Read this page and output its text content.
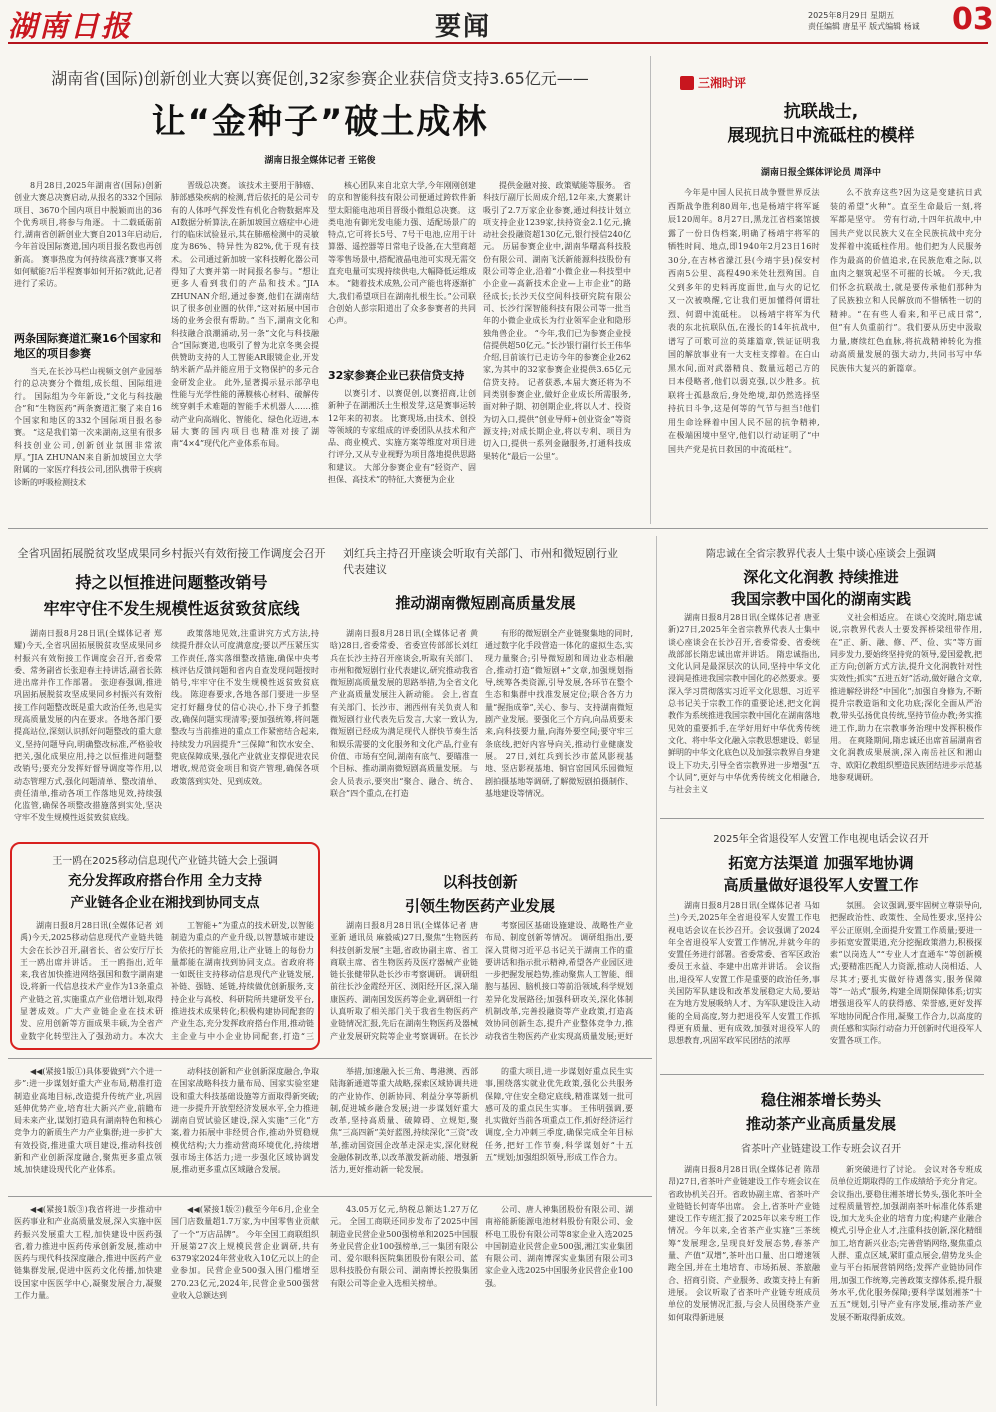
湖南日报	要闻	2025年8月29日 星期五
责任编辑 唐星平 版式编辑 杨诚	03
湖南省(国际)创新创业大赛以赛促创,32家参赛企业获信贷支持3.65亿元——
让“金种子”破土成林
湖南日报全媒体记者 王铭俊

8月28日,2025年湖南省(国际)创新创业大赛总决赛启动,从报名的332个国际项目、3670个国内项目中脱颖而出的36个优秀项目,将参与角逐。 十二载砥砺前行,湖南省创新创业大赛自2013年启动后,今年首设国际赛道,国内项目报名数也再创新高。 赛事热度为何持续高涨?赛事又将如何赋能?后半程赛事如何开拓?就此,记者进行了采访。

两条国际赛道汇聚16个国家和地区的项目参赛

当天,在长沙马栏山视频文创产业园举行的总决赛分个微组,成长组、国际组进行。 国际组为今年新设,“文化与科技融合”和“生物医药”两条赛道汇聚了来自16个国家和地区的332个国际项目报名参赛。 “这是我们第一次来湖南,这里有很多科技创业公司,创新创业氛围非常浓厚。”JIA ZHUNAN来自新加坡国立大学附属的一家医疗科技公司,团队携带于疾病诊断的呼吸检测技术

晋级总决赛。 该技术主要用于肺癌、肺部感染疾病的检测,背后依托的是公司专有的人体呼气挥发性有机化合物数据库及AI数据分析算法,在新加坡国立癌症中心进行的临床试验显示,其在肺癌检测中的灵敏度为86%、特异性为82%,优于现有技术。 公司通过新加坡一家科技孵化器公司得知了大赛并第一时间报名参与。“想让更多人看到我们的产品和技术。”JIA ZHUNAN介绍,通过参赛,他们在湖南结识了很多创业圈的伙伴,“这对拓展中国市场的业务会很有帮助。” 当下,湖南文化和科技融合浪潮涌动,另一条“文化与科技融合”国际赛道,也吸引了曾为北京冬奥会提供赞助支持的人工智能AR眼镜企业,开发纳米新产品并能应用于文物保护的多元合金研发企业。 此外,显著揭示显示部孕电性能与光学性能的薄膜核心材料、破解传统穿刺手术难题的智能手术机器人……推动产业向高端化、智能化、绿色化迈进,本届大赛的国内项目也精准对接了湖南“4×4”现代化产业体系布局。

核心团队来自北京大学,今年刚刚创建的京和智能科技有限公司便通过跨软件新型太阳能电池项目晋级小微组总决赛。 这类电池有御光发电能力强、适配场景广的特点,它可将长5号、7号干电池,应用于计算器、遥控器等日常电子设备,在大型商超等零售场景中,搭配液晶电池可实现无需交直充电量可实现持续供电,大幅降低运维成本。 “随着技术成熟,公司产能也将逐渐扩大,我们希望项目在湖南扎根生长。”公司联合创始人彭宗阳道出了众多参赛者的共同心声。

32家参赛企业已获信贷支持

以赛引才、以赛促创,以赛招商,让创新种子在湖湘沃土生根发芽,这是赛事运转12年来的初衷。 比赛现场,由技术、创投等领域的专家组成的评委团队从技术和产品、商业模式、实施方案等维度对项目进行评分,又从专业视野为项目落地提供思路和建议。 大部分参赛企业有“轻资产、固担保、高技术”的特征,大赛便为企业

提供金融对接、政策赋能等服务。 省科技厅副厅长周成介绍,12年来,大赛累计吸引了2.7万家企业参赛,通过科技计划立项支持企业1239家,扶持资金2.1亿元,撬动社会投融资超130亿元,银行授信240亿元。 历届参赛企业中,湖南华曙高科技股份有限公司、湖南飞沃新能源科技股份有限公司等企业,沿着“小微企业—科技型中小企业—高新技术企业—上市企业”的路径成长;长沙天仪空间科技研究院有限公司、长沙行深智能科技有限公司等一批当年的小微企业成长为行业领军企业和隐形独角兽企业。 “今年,我们已为参赛企业授信提供超50亿元。”长沙银行副行长王伟华介绍,目前该行已走访今年的参赛企业262家,为其中的32家参赛企业提供3.65亿元信贷支持。 记者获悉,本届大赛还将为不同类别参赛企业,做好企业成长所需服务,面对种子期、初创期企业,将以人才、投资为切入口,提供“创业导师+创业资金”等资源支持;对成长期企业,将以专利、项目为切入口,提供一系列金融服务,打通科技成果转化“最后一公里”。

三湘时评
抗联战士,
展现抗日中流砥柱的模样
湖南日报全媒体评论员 周泽中

今年是中国人民抗日战争暨世界反法西斯战争胜利80周年,也是杨靖宇将军诞辰120周年。8月27日,黑龙江省档案馆披露了一份日伪档案,明确了杨靖宇将军的牺牲时间、地点,即1940年2月23日16时30分,在吉林省濛江县(今靖宇县)保安村西南5公里、高程490米处壮烈殉国。自父到多年的史料再度面世,血与火的记忆又一次被唤醒,它让我们更加懂得何谓壮烈、何谓中流砥柱。 以杨靖宇将军为代表的东北抗联队伍,在漫长的14年抗战中,谱写了可歌可泣的英雄篇章,铁证证明我国的解放事业有一大支柱支撑着。在白山黑水间,面对武器精良、数量远超己方的日本侵略者,他们以弱克强,以少胜多。抗联将士孤悬敌后,身处绝境,却仍然选择坚持抗日斗争,这是何等的气节与担当!他们用生命诠释着中国人民不屈的抗争精神,在极端困境中坚守,他们以行动证明了“中国共产党是抗日救国的中流砥柱”。

么不放弃这些?因为这是变建抗日武装的希望“火种”。直至生命最后一刻,将军都是坚守。 劳有行动,十四年抗战中,中国共产党以民族大义在全民族抗战中充分发挥着中流砥柱作用。他们把为人民服务作为最高的价值追求,在民族危难之际,以血肉之躯筑起坚不可摧的长城。 今天,我们怀念抗联战士,就是要传承他们那种为了民族独立和人民解放而不惜牺牲一切的精神。“在有些人看来,和平已成日常”,但“有人负重前行”。我们要从历史中汲取力量,赓续红色血脉,将抗战精神转化为推动高质量发展的强大动力,共同书写中华民族伟大复兴的新篇章。

全省巩固拓展脱贫攻坚成果同乡村振兴有效衔接工作调度会召开
持之以恒推进问题整改销号
牢牢守住不发生规模性返贫致贫底线

湖南日报8月28日讯(全媒体记者 郑耀)今天,全省巩固拓展脱贫攻坚成果同乡村振兴有效衔接工作调度会召开,省委常委、常务副省长张迎春主持讲话,副省长陈进出席并作工作部署。 张迎春强调,推进巩固拓展脱贫攻坚成果同乡村振兴有效衔接工作问题整改既是重大政治任务,也是实现高质量发展的内在要求。各地各部门要提高站位,深刻认识抓好问题整改的重大意义,坚持问题导向,明确整改标准,严格验收把关,强化成果应用,持之以恒推进问题整改销号;要充分发挥好督导调度等作用,以动态管理方式,强化问题清单、整改清单、责任清单,推动各项工作落地见效,持续强化监管,确保各项整改措施落到实处,坚决守牢不发生规模性返贫致贫底线。

政策落地见效,注重讲究方式方法,持续提升群众认可度满意度;要以严压紧压实工作责任,落实落细整改措施,确保中央考核评估反馈问题和省内自查发现问题按时销号,牢牢守住不发生规模性返贫致贫底线。 陈迎春要求,各地各部门要进一步坚定打好翻身仗的信心决心,扑下身子抓整改,确保问题实现清零;要加强统筹,将问题整改与当前推进的重点工作紧密结合起来,持续发力巩固提升“三保障”和饮水安全、兜底保障成果,强化产业就业支撑促进农民增收,规范资金项目和资产管理,确保各项政策落到实处、见到成效。

刘红兵主持召开座谈会听取有关部门、市州和微短剧行业代表建议
推动湖南微短剧高质量发展

湖南日报8月28日讯(全媒体记者 黄晗)28日,省委常委、省委宣传部部长刘红兵在长沙主持召开座谈会,听取有关部门、市州和微短剧行业代表建议,研究推动我省微短剧高质量发展的思路举措,为全省文化产业高质量发展注入新动能。 会上,省直有关部门、长沙市、湘西州有关负责人和微短剧行业代表先后发言,大家一致认为,微短剧已经成为满足现代人群快节奏生活和娱乐需要的文化服务和文化产品,行业有价值、市场有空间,湖南有底气、要瞄准一个目标、推动湖南微短剧高质量发展。 与会人员表示,要突出“聚合、融合、统合、联合”四个重点,在打造

有形的微短剧全产业链聚集地的同时,通过数字化手段营造一体化的虚拟生态,实现力量聚合;引导微短剧和周边业态相融合,推动打造“微短剧+”文章,加强规划指导,统筹各类资源,引导发展,各环节在整个生态和集群中找准发展定位;联合各方力量“握指成拳”,关心、参与、支持湖南微短剧产业发展。要强化三个方向,向品质要未来,向科技要力量,向海外要空间;要守牢三条底线,把好内容导向关,推动行业健康发展。 27日,刘红兵到长沙市蓝风影视基地、竖店影视基地、铜官窑国风乐园微短剧拍摄基地等调研,了解微短剧拍摄制作、基地建设等情况。

隋忠诚在全省宗教界代表人士集中谈心座谈会上强调
深化文化润教 持续推进
我国宗教中国化的湖南实践

湖南日报8月28日讯(全媒体记者 唐亚新)27日,2025年全省宗教界代表人士集中谈心座谈会在长沙召开,省委常委、省委统战部部长隋忠诚出席并讲话。 隋忠诚指出,文化认同是最深层次的认同,坚持中华文化浸润是推进我国宗教中国化的必然要求。要深入学习贯彻落实习近平文化思想、习近平总书记关于宗教工作的重要论述,把文化润教作为系统推进我国宗教中国化在湖南落地见效的重要抓手,在学好用好中华优秀传统文化、将中华文化融入宗教思想建设、彰显鲜明的中华文化底色以及加强宗教界自身建设上下功夫,引导全省宗教界进一步增强“五个认同”,更好与中华优秀传统文化相融合,与社会主义

义社会相适应。 在谈心交流时,隋忠诚说,宗教界代表人士要发挥桥梁纽带作用,在“正、新、融、修、严、俭、实”等方面同步发力,要始终坚持党的领导,爱国爱教,把正方向;创新方式方法,提升文化润教针对性实效性;抓实“五进五好”活动,做好融合文章,推进解经讲经“中国化”;加强自身修为,不断提升宗教造诣和文化功底;深化全面从严治教,带头弘扬优良传统,坚持节俭办教;务实推进工作,助力在宗教事务治理中发挥积极作用。 在爽隆期间,隋忠诚还出席首届湖南省文化润教成果展演,深入南岳社区和湘山寺、欧阳亿教组织塑造民族团结进步示范基地参观调研。

2025年全省退役军人安置工作电视电话会议召开
拓宽方法渠道 加强军地协调
高质量做好退役军人安置工作

湖南日报8月28日讯(全媒体记者 马如兰)今天,2025年全省退役军人安置工作电视电话会议在长沙召开。会议强调了2024年全省退役军人安置工作情况,并就今年的安置任务进行部署。省委常委、省军区政治委员王永益、李建中出席并讲话。 会议指出,退役军人安置工作是重要的政治任务,事关国防军队建设和改革发展稳定大局,要站在为地方发展吸纳人才、为军队建设注入动能的全局高度,努力把退役军人安置工作抓得更有质量、更有成效,加强对退役军人的思想教育,巩固军政军民团结的浓厚

氛围。 会议强调,要牢固树立尊崇导向,把握政治性、政策性、全局性要求,坚持公平公正原则,全面提升安置工作质量;要进一步拓宽安置渠道,充分挖掘政策潜力,积极探索“以岗选人”“专业人才直通车”等创新模式;要精准匹配人力资源,推动人岗相适、人尽其才;要扎实做好待遇落实,服务保障等“一站式”服务,构建全周期保障体系;切实增强退役军人的获得感、荣誉感,更好发挥军地协同配合作用,凝聚工作合力,以高度的责任感和实际行动奋力开创新时代退役军人安置各项工作。

王一鸥在2025移动信息现代产业链共链大会上强调
充分发挥政府搭台作用 全力支持
产业链各企业在湘找到协同支点

湖南日报8月28日讯(全媒体记者 刘禹)今天,2025移动信息现代产业链共链大会在长沙召开,副省长、省公安厅厅长王一鸥出席并讲话。 王一鸥指出,近年来,我省加快推进网络强国和数字湖南建设,将新一代信息技术产业作为13条重点产业链之首,实施重点产业倍增计划,取得显著成效。广大产业链企业在技术研发、应用创新等方面成果丰硕,为全省产业数字化转型注入了强劲动力。本次大

工智能+”为重点的技术研发,以智能制造为重点的产业升级,以智慧城市建设为依托的智能应用,让产业链上的每份力量都能在湖南找到协同支点。省政府将一如既往支持移动信息现代产业链发展,补链、强链、延链,持续做优创新服务,支持企业与高校、科研院所共建研发平台,推进技术成果转化;积极构建协同配套的产业生态,充分发挥政府搭台作用,推动链主企业与中小企业协同配套,打造“三

以科技创新
引领生物医药产业发展

湖南日报8月28日讯(全媒体记者 唐亚新 通讯员 麻毅威)27日,聚焦“生物医药科技创新发展”主题,省政协副主席、省工商联主席、省生物医药及医疗器械产业链链长张健带队赴长沙市考察调研。 调研组前往长沙金霞经开区、浏阳经开区,深入瑞康医药、湖南国发医药等企业,调研组一行认真听取了相关部门关于我省生物医药产业链情况汇报,先后在湖南生物医药及器械产业发展研究院等企业考察调研。在长沙

考察园区基础设施建设、战略性产业布局、制度创新等情况。 调研组指出,要深入贯彻习近平总书记关于湖南工作的重要讲话和指示批示精神,希望各产业园区进一步把握发展趋势,推动聚焦人工智能、细胞与基因、脑机接口等前沿领域,科学规划差异化发展路径;加强科研攻关,深化体制机制改革,完善投融资等产业政策,打造高效协同创新生态,提升产业整体竞争力,推动我省生物医药产业实现高质量发展;更好

稳住湘茶增长势头
推动茶产业高质量发展
省茶叶产业链建设工作专班会议召开

湖南日报8月28日讯(全媒体记者 陈昂昂)27日,省茶叶产业链建设工作专班会议在省政协机关召开。省政协副主席、省茶叶产业链链长何寄华出席。 会上,省茶叶产业链建设工作专班汇报了2025年以来专班工作情况。今年以来,全省茶产业实施“三茶统筹”发展理念,呈现良好发展态势,春茶产量、产值“双增”,茶叶出口量、出口增速领跑全国,并在土地培育、市场拓展、茶旅融合、招商引资、产业服务、政策支持上有新进展。 会议听取了省茶叶产业链专班成员单位的发展情况汇报,与会人员围绕茶产业如何取得新进展

新突破进行了讨论。 会议对各专班成员单位近期取得的工作成绩给予充分肯定。会议指出,要稳住湘茶增长势头,强化茶叶全过程质量管控,加强湖南茶叶标准化体系建设,加大龙头企业的培育力度;构建产业融合模式,引导企业人才,注重科技创新,深化精细加工,培育新兴业态;完善营销网络,聚焦重点人群、重点区域,紧盯重点展会,借势龙头企业与平台拓展营销网络;发挥产业链协同作用,加强工作统筹,完善政策支撑体系,提升服务水平,优化服务保障;要科学谋划湘茶“十五五”规划,引导产业有序发展,推动茶产业发展不断取得新成效。

◀◀(紧接1版①)具体要做到“六个进一步”:进一步谋划好重大产业布局,精准打造制造业高地目标,改造提升传统产业,巩固延伸优势产业,培育壮大新兴产业,前瞻布局未来产业,谋划打造具有湖南特色和核心竞争力的新质生产力产业集群;进一步扩大有效投资,推进重大项目建设,推动科技创新和产业创新深度融合,聚焦更多重点领域,加快建设现代化产业体系。

动科技创新和产业创新深度融合,争取在国家战略科技力量布局、国家实验室建设和重大科技基础设施等方面取得新突破;进一步提升开放型经济发展水平,全力推进湖南自贸试验区建设,深入实施“三化”方案,着力拓展中非经贸合作,推动外贸稳规模优结构;大力推动营商环境优化,持续增强市场主体活力;进一步强化区域协调发展,推动更多重点区域融合发展。

举措,加速融入长三角、粤港澳、西部陆海新通道等重大战略,探索区域协调共进的产业协作、创新协同、利益分享等新机制,促进城乡融合发展;进一步谋划好重大改革,坚持高质量、破障碍、立规矩,聚焦“三高四新”美好蓝图,持续深化“三资”改革,推动国资国企改革走深走实,深化财税金融体制改革,以改革激发新动能、增强新活力,更好推动新一轮发展。

的重大项目,进一步谋划好重点民生实事,围绕落实就业优先政策,强化公共服务保障,守住安全稳定底线,精准谋划一批可感可及的重点民生实事。 王伟明强调,要扎实做好当前各项重点工作,抓好经济运行调度,全力冲刺三季度,确保完成全年目标任务,把好工作节奏,科学谋划好“十五五”规划;加强组织领导,形成工作合力。

◀◀(紧接1版③)我省将进一步推动中医药事业和产业高质量发展,深入实施中医药振兴发展重大工程,加快建设中医药强省,着力推进中医药传承创新发展,推动中医药与现代科技深度融合,推进中医药产业链集群发展,促进中医药文化传播,加快建设国家中医医学中心,凝聚发展合力,凝聚工作力量。

◀◀(紧接1版②)截至今年6月,企业全国门店数量超1.7万家,为中国零售业贡献了一个“万店品牌”。 今年全国工商联组织开展第27次上规模民营企业调研,共有6379家2024年营业收入10亿元以上的企业参加。民营企业500强入围门槛增至270.23亿元,2024年,民营企业500强营业收入总额达到

43.05万亿元,纳税总额达1.27万亿元。 全国工商联还同步发布了2025中国制造业民营企业500强榜单和2025中国服务业民营企业100强榜单,三一集团有限公司、爱尔眼科医院集团股份有限公司、蓝思科技股份有限公司、湖南博长控股集团有限公司等企业入选相关榜单。

公司、唐人神集团股份有限公司、湖南裕能新能源电池材料股份有限公司、金杯电工股份有限公司等8家企业入选2025中国制造业民营企业500强,湘江实业集团有限公司、湖南博深实业集团有限公司3家企业入选2025中国服务业民营企业100强。
